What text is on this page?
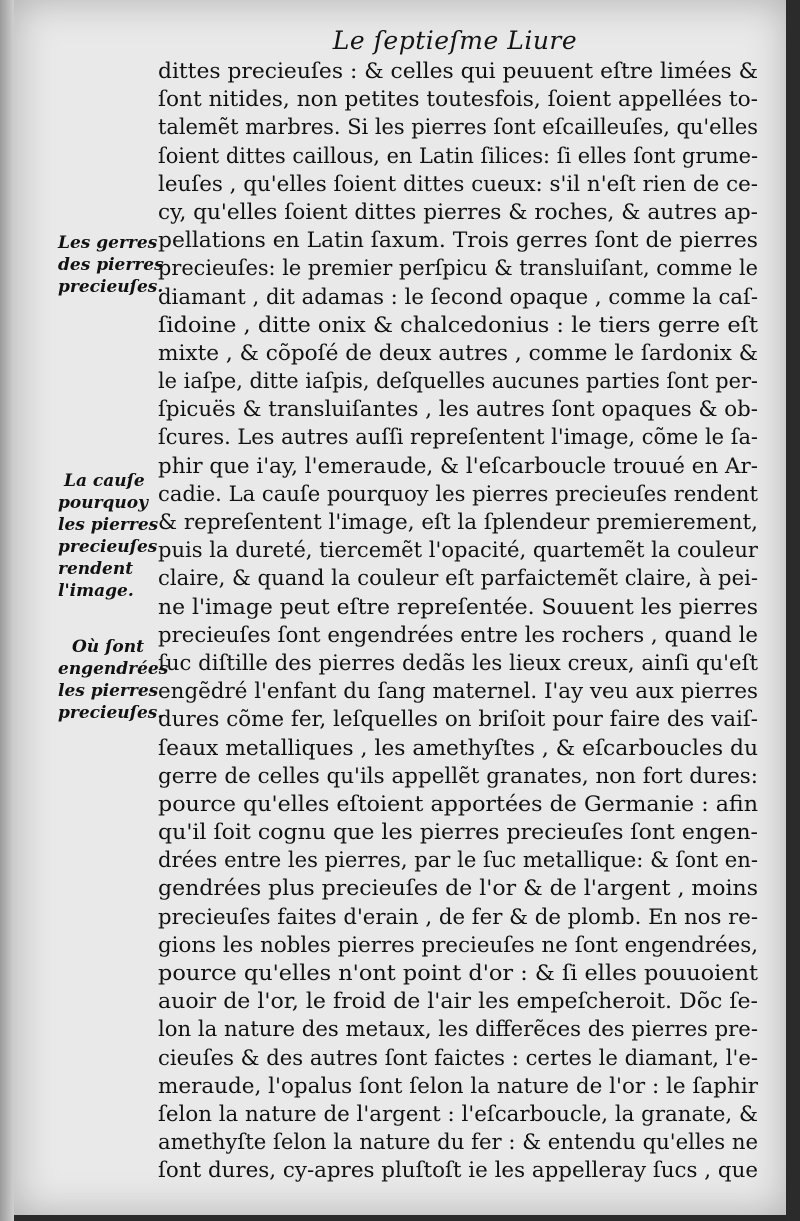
Le ſeptieſme Liure
Les gerres
des pierres
precieuſes.
La cauſe
pourquoy
les pierres
precieuſes
rendent
l'image.
Où ſont
engendrées
les pierres
precieuſes.
dittes precieuſes : & celles qui peuuent eſtre limées &
ſont nitides, non petites toutesfois, ſoient appellées to-
talemẽt marbres. Si les pierres ſont eſcailleuſes, qu'elles
ſoient dittes caillous, en Latin ſilices: ſi elles ſont grume-
leuſes , qu'elles ſoient dittes cueux: s'il n'eſt rien de ce-
cy, qu'elles ſoient dittes pierres & roches, & autres ap-
pellations en Latin ſaxum. Trois gerres ſont de pierres
precieuſes: le premier perſpicu & transluiſant, comme le
diamant , dit adamas : le ſecond opaque , comme la caſ-
ſidoine , ditte onix & chalcedonius : le tiers gerre eſt
mixte , & cõpoſé de deux autres , comme le ſardonix &
le iaſpe, ditte iaſpis, deſquelles aucunes parties ſont per-
ſpicuës & transluiſantes , les autres ſont opaques & ob-
ſcures. Les autres auſſi repreſentent l'image, cõme le ſa-
phir que i'ay, l'emeraude, & l'eſcarboucle trouué en Ar-
cadie. La cauſe pourquoy les pierres precieuſes rendent
& repreſentent l'image, eſt la ſplendeur premierement,
puis la dureté, tiercemẽt l'opacité, quartemẽt la couleur
claire, & quand la couleur eſt parfaictemẽt claire, à pei-
ne l'image peut eſtre repreſentée. Souuent les pierres
precieuſes ſont engendrées entre les rochers , quand le
ſuc diſtille des pierres dedãs les lieux creux, ainſi qu'eſt
engẽdré l'enfant du ſang maternel. I'ay veu aux pierres
dures cõme fer, leſquelles on briſoit pour faire des vaiſ-
ſeaux metalliques , les amethyſtes , & eſcarboucles du
gerre de celles qu'ils appellẽt granates, non fort dures:
pource qu'elles eſtoient apportées de Germanie : afin
qu'il ſoit cognu que les pierres precieuſes ſont engen-
drées entre les pierres, par le ſuc metallique: & ſont en-
gendrées plus precieuſes de l'or & de l'argent , moins
precieuſes faites d'erain , de fer & de plomb. En nos re-
gions les nobles pierres precieuſes ne ſont engendrées,
pource qu'elles n'ont point d'or : & ſi elles pouuoient
auoir de l'or, le froid de l'air les empeſcheroit. Dõc ſe-
lon la nature des metaux, les differẽces des pierres pre-
cieuſes & des autres ſont faictes : certes le diamant, l'e-
meraude, l'opalus ſont ſelon la nature de l'or : le ſaphir
ſelon la nature de l'argent : l'eſcarboucle, la granate, &
amethyſte ſelon la nature du fer : & entendu qu'elles ne
ſont dures, cy-apres pluſtoſt ie les appelleray ſucs , que
